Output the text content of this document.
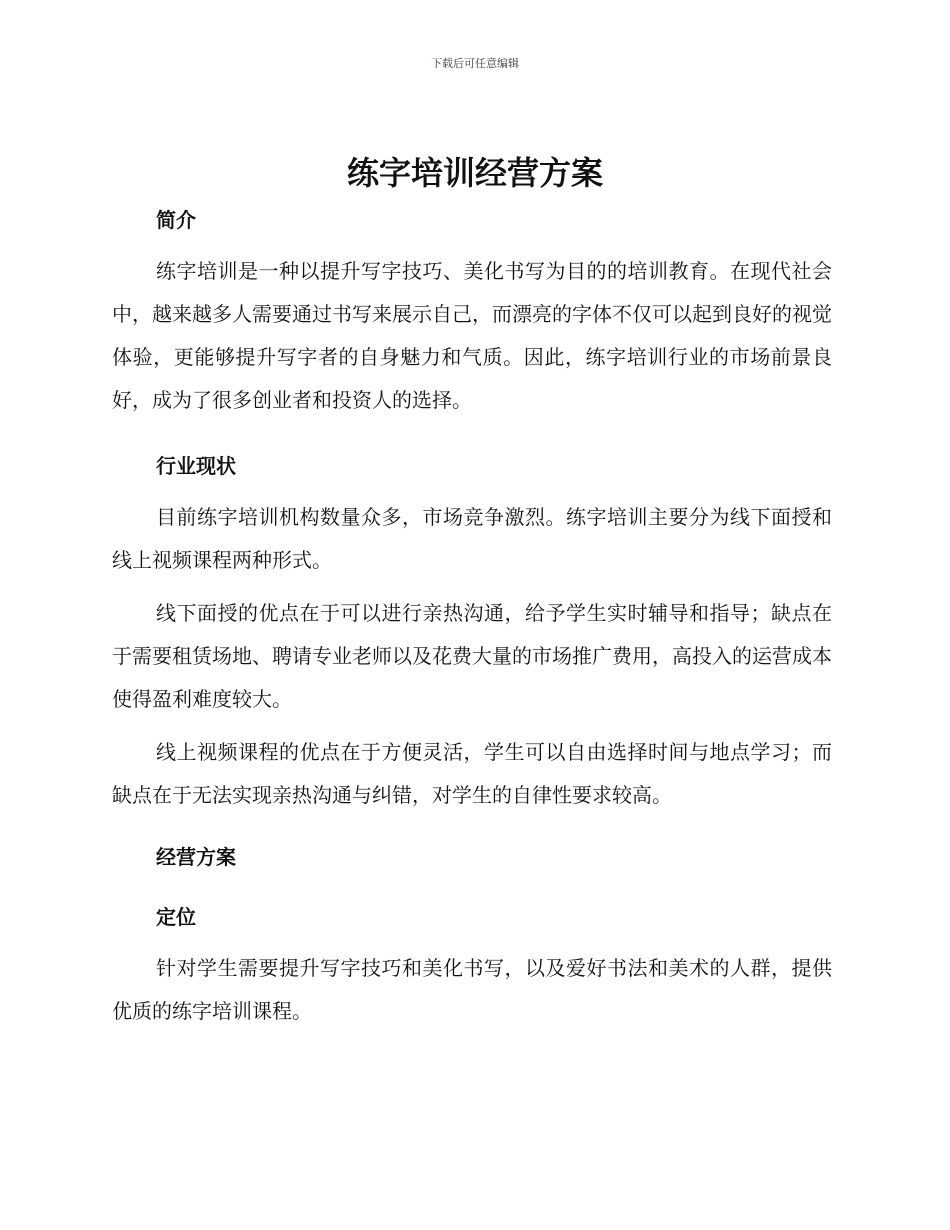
下载后可任意编辑
练字培训经营方案

简介

练字培训是一种以提升写字技巧、美化书写为目的的培训教育。在现代社会中，越来越多人需要通过书写来展示自己，而漂亮的字体不仅可以起到良好的视觉体验，更能够提升写字者的自身魅力和气质。因此，练字培训行业的市场前景良好，成为了很多创业者和投资人的选择。

行业现状

目前练字培训机构数量众多，市场竞争激烈。练字培训主要分为线下面授和线上视频课程两种形式。

线下面授的优点在于可以进行亲热沟通，给予学生实时辅导和指导；缺点在于需要租赁场地、聘请专业老师以及花费大量的市场推广费用，高投入的运营成本使得盈利难度较大。

线上视频课程的优点在于方便灵活，学生可以自由选择时间与地点学习；而缺点在于无法实现亲热沟通与纠错，对学生的自律性要求较高。

经营方案

定位

针对学生需要提升写字技巧和美化书写，以及爱好书法和美术的人群，提供优质的练字培训课程。
